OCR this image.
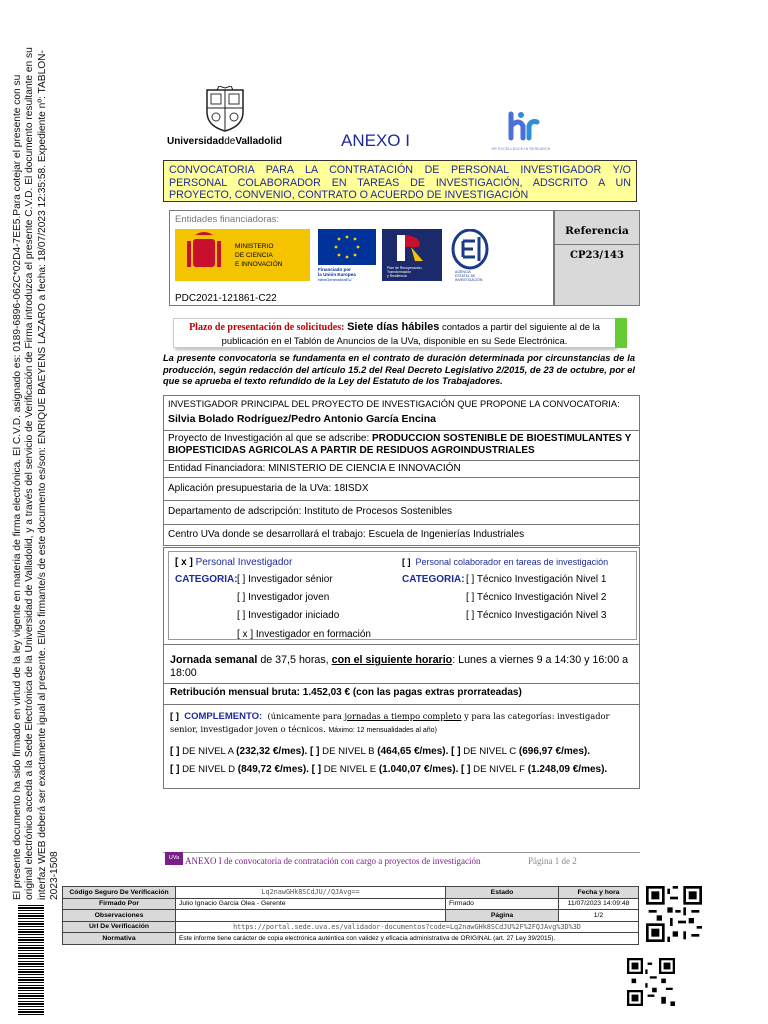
El presente documento ha sido firmado en virtud de la ley vigente en materia de firma electrónica. El C.V.D. asignado es: 0189-6896-062C*02D4-7EE5.Para cotejar el presente con su original electrónico acceda a la Sede Electrónica de la Universidad de Valladolid, y a través del servicio de Verificación de Firma introduzca el presente C.V.D. El documento resultante en su interfaz WEB deberá ser exactamente igual al presente. El/los firmante/s de este documento es/son: ENRIQUE BAEYENS LAZARO a fecha: 18/07/2023 12:35:58. Expediente nº: TABLON-2023-1508
UniversidaddeValladolid	ANEXO I	HR EXCELLENCE IN RESEARCH
CONVOCATORIA PARA LA CONTRATACIÓN DE PERSONAL INVESTIGADOR Y/O PERSONAL COLABORADOR EN TAREAS DE INVESTIGACIÓN, ADSCRITO A UN PROYECTO, CONVENIO, CONTRATO O ACUERDO DE INVESTIGACIÓN
Entidades financiadoras:
MINISTERIO
DE CIENCIA
E INNOVACIÓN
Financiado por
la Unión Europea
NextGenerationEU
Plan de Recuperación,
Transformación
y Resiliencia
AGENCIA
ESTATAL DE
INVESTIGACIÓN
PDC2021-121861-C22
Referencia
CP23/143
Plazo de presentación de solicitudes: Siete días hábiles contados a partir del siguiente al de la
publicación en el Tablón de Anuncios de la UVa, disponible en su Sede Electrónica.
La presente convocatoria se fundamenta en el contrato de duración determinada por circunstancias de la producción, según redacción del artículo 15.2 del Real Decreto Legislativo 2/2015, de 23 de octubre, por el que se aprueba el texto refundido de la Ley del Estatuto de los Trabajadores.
INVESTIGADOR PRINCIPAL DEL PROYECTO DE INVESTIGACIÓN QUE PROPONE LA CONVOCATORIA:
Silvia Bolado Rodríguez/Pedro Antonio García Encina
Proyecto de Investigación al que se adscribe: PRODUCCION SOSTENIBLE DE BIOESTIMULANTES Y BIOPESTICIDAS AGRICOLAS A PARTIR DE RESIDUOS AGROINDUSTRIALES
Entidad Financiadora: MINISTERIO DE CIENCIA E INNOVACIÓN
Aplicación presupuestaria de la UVa: 18ISDX
Departamento de adscripción: Instituto de Procesos Sostenibles
Centro UVa donde se desarrollará el trabajo: Escuela de Ingenierías Industriales
[ x ] Personal Investigador
CATEGORIA: [ ] Investigador sénior
[ ] Investigador joven
[ ] Investigador iniciado
[ x ] Investigador en formación
[ ] Personal colaborador en tareas de investigación
CATEGORIA: [ ] Técnico Investigación Nivel 1
[ ] Técnico Investigación Nivel 2
[ ] Técnico Investigación Nivel 3
Jornada semanal de 37,5 horas, con el siguiente horario: Lunes a viernes 9 a 14:30 y 16:00 a 18:00
Retribución mensual bruta: 1.452,03 € (con las pagas extras prorrateadas)
[ ] COMPLEMENTO: (únicamente para jornadas a tiempo completo y para las categorías: investigador senior, investigador joven o técnicos. Máximo: 12 mensualidades al año)
[ ] DE NIVEL A (232,32 €/mes). [ ] DE NIVEL B (464,65 €/mes). [ ] DE NIVEL C (696,97 €/mes).
[ ] DE NIVEL D (849,72 €/mes). [ ] DE NIVEL E (1.040,07 €/mes). [ ] DE NIVEL F (1.248,09 €/mes).
UVa ANEXO I de convocatoria de contratación con cargo a proyectos de investigación	Página 1 de 2
Código Seguro De Verificación	Lq2nawGHk8SCdJU//QJAvg==	Estado	Fecha y hora
Firmado Por	Julio Ignacio Garcia Olea - Gerente	Firmado	11/07/2023 14:09:48
Observaciones		Página	1/2
Url De Verificación	https://portal.sede.uva.es/validador-documentos?code=Lq2nawGHk8SCdJU%2F%2FQJAvg%3D%3D		
Normativa	Este informe tiene carácter de copia electrónica auténtica con validez y eficacia administrativa de ORIGINAL (art. 27 Ley 39/2015).		
